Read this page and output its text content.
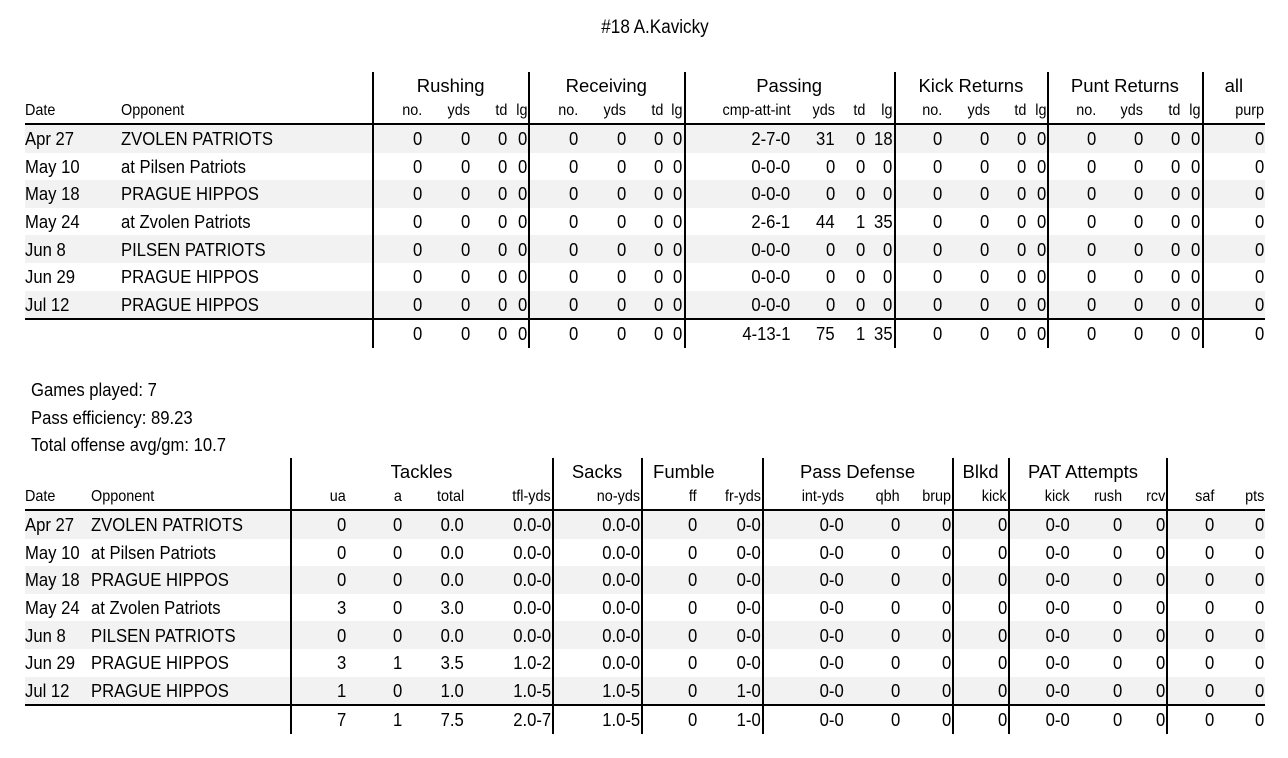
#18 A.Kavicky
		Rushing				Receiving				Passing				Kick Returns				Punt Returns				all
Date	Opponent	no.	yds	td	lg	no.	yds	td	lg	cmp-att-int	yds	td	lg	no.	yds	td	lg	no.	yds	td	lg	purp
Apr 27	ZVOLEN PATRIOTS	0	0	0	0	0	0	0	0	2-7-0	31	0	18	0	0	0	0	0	0	0	0	0
May 10	at Pilsen Patriots	0	0	0	0	0	0	0	0	0-0-0	0	0	0	0	0	0	0	0	0	0	0	0
May 18	PRAGUE HIPPOS	0	0	0	0	0	0	0	0	0-0-0	0	0	0	0	0	0	0	0	0	0	0	0
May 24	at Zvolen Patriots	0	0	0	0	0	0	0	0	2-6-1	44	1	35	0	0	0	0	0	0	0	0	0
Jun 8	PILSEN PATRIOTS	0	0	0	0	0	0	0	0	0-0-0	0	0	0	0	0	0	0	0	0	0	0	0
Jun 29	PRAGUE HIPPOS	0	0	0	0	0	0	0	0	0-0-0	0	0	0	0	0	0	0	0	0	0	0	0
Jul 12	PRAGUE HIPPOS	0	0	0	0	0	0	0	0	0-0-0	0	0	0	0	0	0	0	0	0	0	0	0
		0	0	0	0	0	0	0	0	4-13-1	75	1	35	0	0	0	0	0	0	0	0	0
Games played: 7
Pass efficiency: 89.23
Total offense avg/gm: 10.7
		Tackles				Sacks	Fumble		Pass Defense			Blkd	PAT Attempts				
Date	Opponent	ua	a	total	tfl-yds	no-yds	ff	fr-yds	int-yds	qbh	brup	kick	kick	rush	rcv	saf	pts
Apr 27	ZVOLEN PATRIOTS	0	0	0.0	0.0-0	0.0-0	0	0-0	0-0	0	0	0	0-0	0	0	0	0
May 10	at Pilsen Patriots	0	0	0.0	0.0-0	0.0-0	0	0-0	0-0	0	0	0	0-0	0	0	0	0
May 18	PRAGUE HIPPOS	0	0	0.0	0.0-0	0.0-0	0	0-0	0-0	0	0	0	0-0	0	0	0	0
May 24	at Zvolen Patriots	3	0	3.0	0.0-0	0.0-0	0	0-0	0-0	0	0	0	0-0	0	0	0	0
Jun 8	PILSEN PATRIOTS	0	0	0.0	0.0-0	0.0-0	0	0-0	0-0	0	0	0	0-0	0	0	0	0
Jun 29	PRAGUE HIPPOS	3	1	3.5	1.0-2	0.0-0	0	0-0	0-0	0	0	0	0-0	0	0	0	0
Jul 12	PRAGUE HIPPOS	1	0	1.0	1.0-5	1.0-5	0	1-0	0-0	0	0	0	0-0	0	0	0	0
		7	1	7.5	2.0-7	1.0-5	0	1-0	0-0	0	0	0	0-0	0	0	0	0
